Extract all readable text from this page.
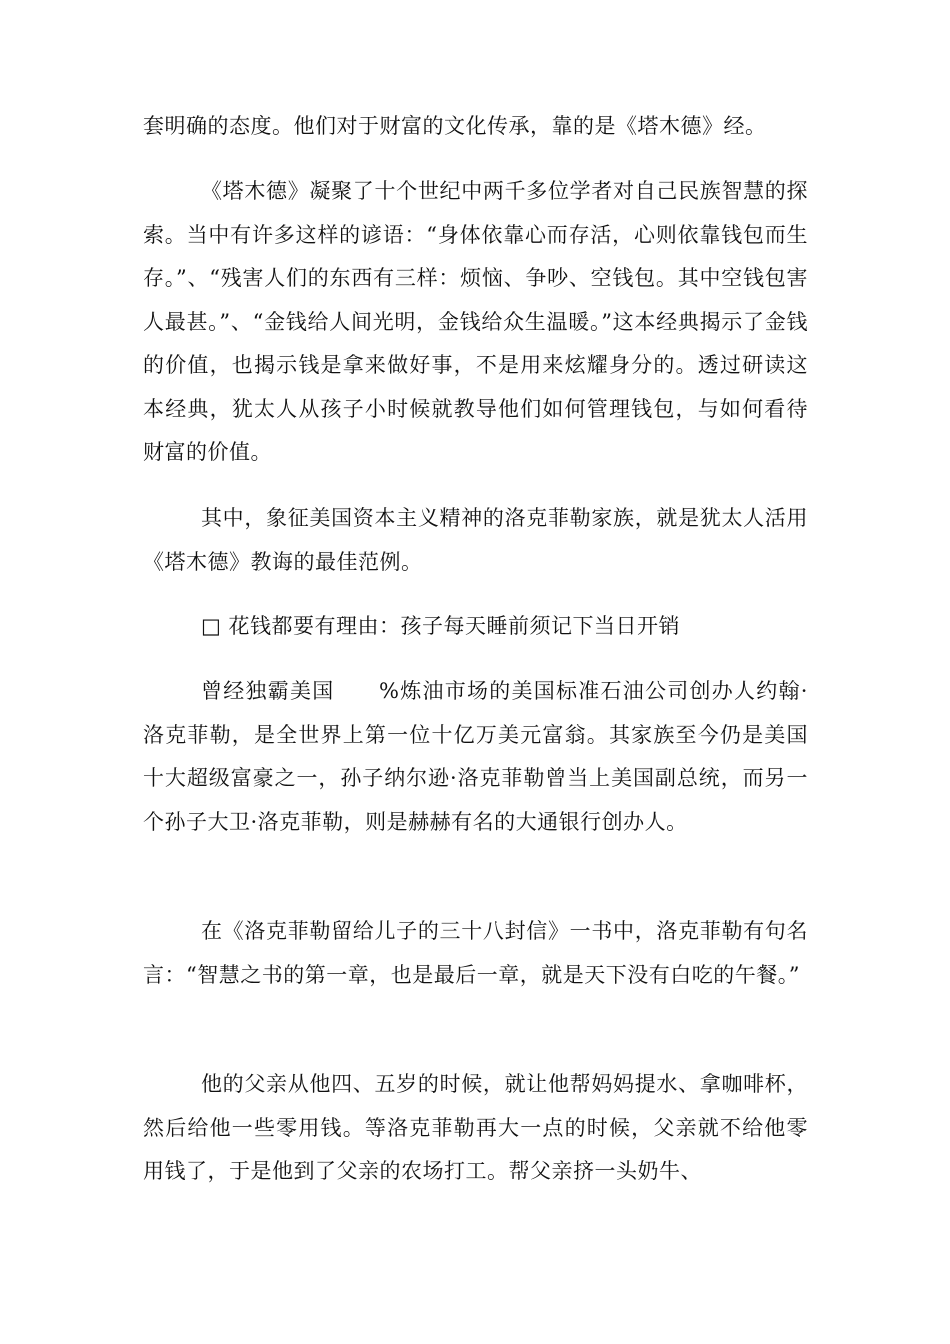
套明确的态度。他们对于财富的文化传承，靠的是《塔木德》经。

《塔木德》凝聚了十个世纪中两千多位学者对自己民族智慧的探索。当中有许多这样的谚语：“身体依靠心而存活，心则依靠钱包而生存。”、“残害人们的东西有三样：烦恼、争吵、空钱包。其中空钱包害人最甚。”、“金钱给人间光明，金钱给众生温暖。”这本经典揭示了金钱的价值，也揭示钱是拿来做好事，不是用来炫耀身分的。透过研读这本经典，犹太人从孩子小时候就教导他们如何管理钱包，与如何看待财富的价值。

其中，象征美国资本主义精神的洛克菲勒家族，就是犹太人活用《塔木德》教诲的最佳范例。

□ 花钱都要有理由：孩子每天睡前须记下当日开销

曾经独霸美国　　%炼油市场的美国标准石油公司创办人约翰·洛克菲勒，是全世界上第一位十亿万美元富翁。其家族至今仍是美国十大超级富豪之一，孙子纳尔逊·洛克菲勒曾当上美国副总统，而另一个孙子大卫·洛克菲勒，则是赫赫有名的大通银行创办人。

在《洛克菲勒留给儿子的三十八封信》一书中，洛克菲勒有句名言：“智慧之书的第一章，也是最后一章，就是天下没有白吃的午餐。”

他的父亲从他四、五岁的时候，就让他帮妈妈提水、拿咖啡杯，然后给他一些零用钱。等洛克菲勒再大一点的时候，父亲就不给他零用钱了，于是他到了父亲的农场打工。帮父亲挤一头奶牛、
